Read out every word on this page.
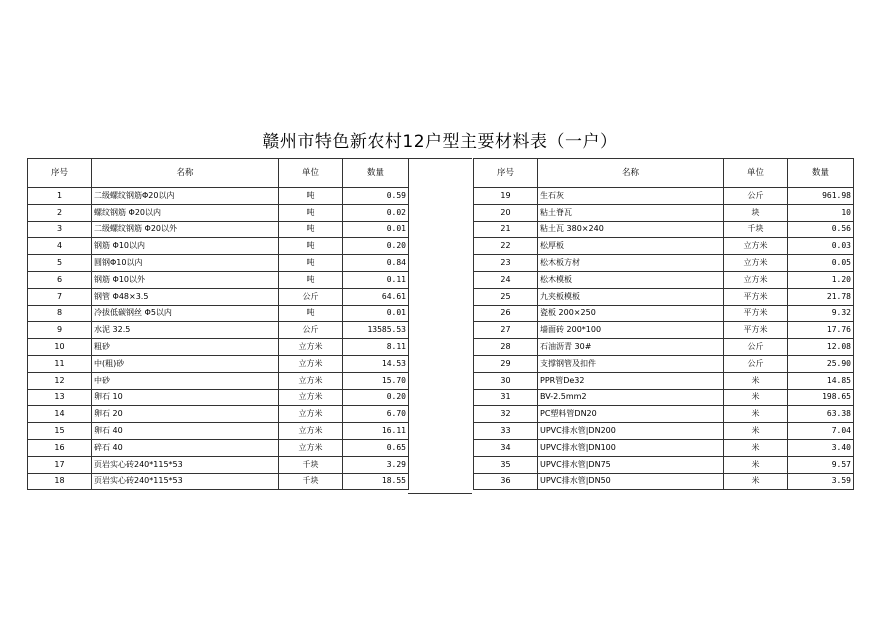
赣州市特色新农村12户型主要材料表（一户）
序号	名称	单位	数量
1	二级螺纹钢筋Φ20以内	吨	0.59
2	螺纹钢筋 Φ20以内	吨	0.02
3	二级螺纹钢筋 Φ20以外	吨	0.01
4	钢筋 Φ10以内	吨	0.20
5	圆钢Φ10以内	吨	0.84
6	钢筋 Φ10以外	吨	0.11
7	钢管 Φ48×3.5	公斤	64.61
8	冷拔低碳钢丝 Φ5以内	吨	0.01
9	水泥 32.5	公斤	13585.53
10	粗砂	立方米	8.11
11	中(粗)砂	立方米	14.53
12	中砂	立方米	15.70
13	卵石 10	立方米	0.20
14	卵石 20	立方米	6.70
15	卵石 40	立方米	16.11
16	碎石 40	立方米	0.65
17	页岩实心砖240*115*53	千块	3.29
18	页岩实心砖240*115*53	千块	18.55
序号	名称	单位	数量
19	生石灰	公斤	961.98
20	粘土脊瓦	块	10
21	粘土瓦 380×240	千块	0.56
22	松厚板	立方米	0.03
23	松木板方材	立方米	0.05
24	松木模板	立方米	1.20
25	九夹板模板	平方米	21.78
26	瓷板 200×250	平方米	9.32
27	墙面砖 200*100	平方米	17.76
28	石油沥青 30#	公斤	12.08
29	支撑钢管及扣件	公斤	25.90
30	PPR管De32	米	14.85
31	BV-2.5mm2	米	198.65
32	PC塑料管DN20	米	63.38
33	UPVC排水管|DN200	米	7.04
34	UPVC排水管|DN100	米	3.40
35	UPVC排水管|DN75	米	9.57
36	UPVC排水管|DN50	米	3.59
